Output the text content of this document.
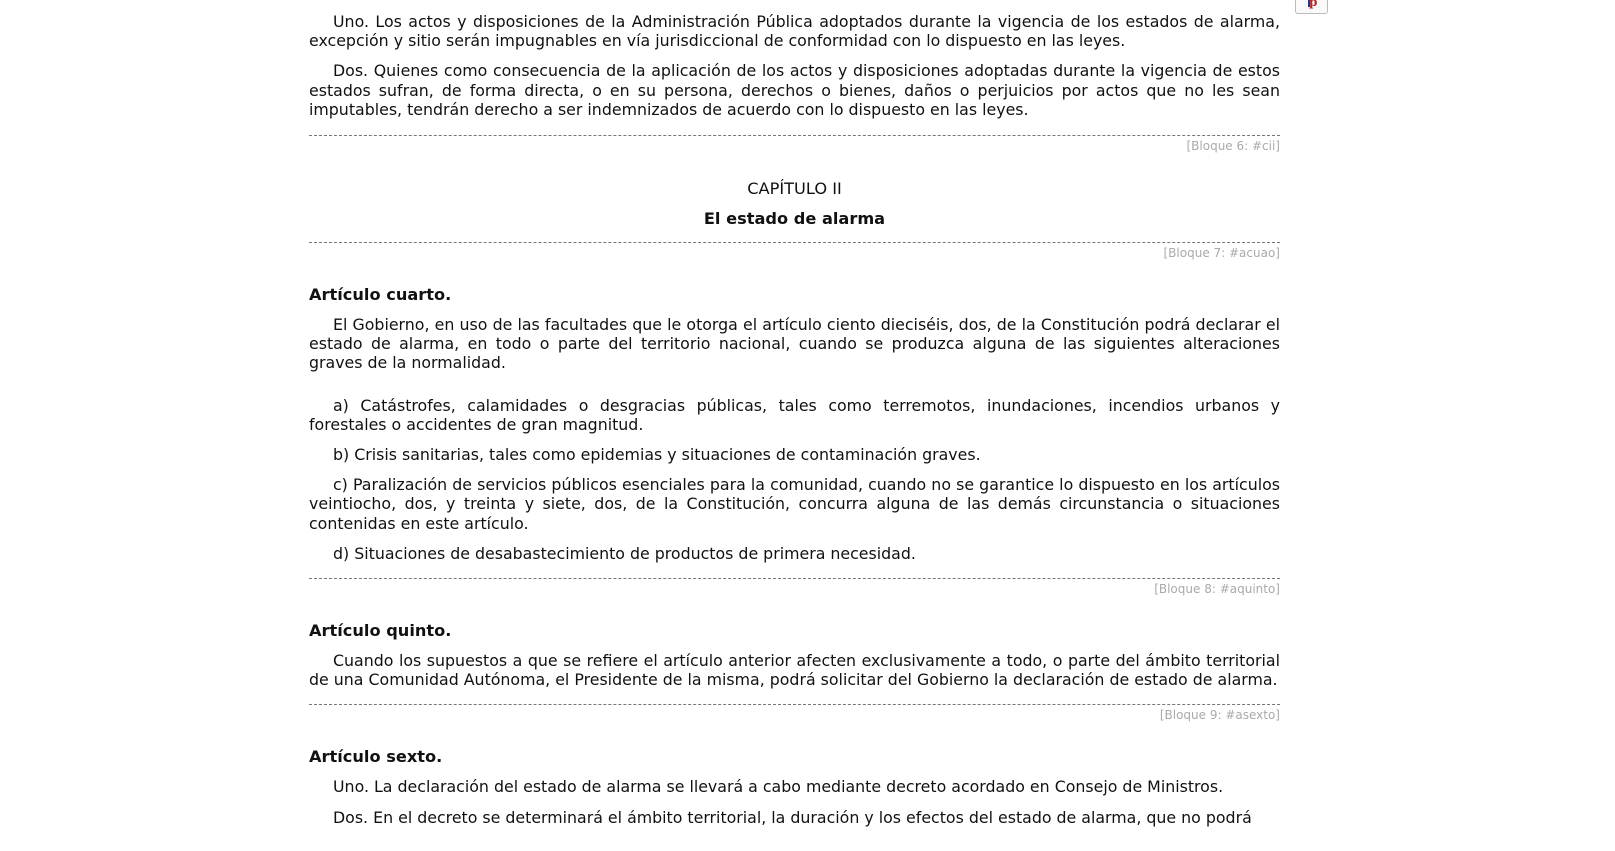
p

Uno. Los actos y disposiciones de la Administración Pública adoptados durante la vigencia de los estados de alarma, excepción y sitio serán impugnables en vía jurisdiccional de conformidad con lo dispuesto en las leyes.

Dos. Quienes como consecuencia de la aplicación de los actos y disposiciones adoptadas durante la vigencia de estos estados sufran, de forma directa, o en su persona, derechos o bienes, daños o perjuicios por actos que no les sean imputables, tendrán derecho a ser indemnizados de acuerdo con lo dispuesto en las leyes.

[Bloque 6: #cii]
CAPÍTULO II
El estado de alarma
[Bloque 7: #acuao]
Artículo cuarto.

El Gobierno, en uso de las facultades que le otorga el artículo ciento dieciséis, dos, de la Constitución podrá declarar el estado de alarma, en todo o parte del territorio nacional, cuando se produzca alguna de las siguientes alteraciones graves de la normalidad.

a) Catástrofes, calamidades o desgracias públicas, tales como terremotos, inundaciones, incendios urbanos y forestales o accidentes de gran magnitud.

b) Crisis sanitarias, tales como epidemias y situaciones de contaminación graves.

c) Paralización de servicios públicos esenciales para la comunidad, cuando no se garantice lo dispuesto en los artículos veintiocho, dos, y treinta y siete, dos, de la Constitución, concurra alguna de las demás circunstancia o situaciones contenidas en este artículo.

d) Situaciones de desabastecimiento de productos de primera necesidad.

[Bloque 8: #aquinto]
Artículo quinto.

Cuando los supuestos a que se refiere el artículo anterior afecten exclusivamente a todo, o parte del ámbito territorial de una Comunidad Autónoma, el Presidente de la misma, podrá solicitar del Gobierno la declaración de estado de alarma.

[Bloque 9: #asexto]
Artículo sexto.

Uno. La declaración del estado de alarma se llevará a cabo mediante decreto acordado en Consejo de Ministros.

Dos. En el decreto se determinará el ámbito territorial, la duración y los efectos del estado de alarma, que no podrá
